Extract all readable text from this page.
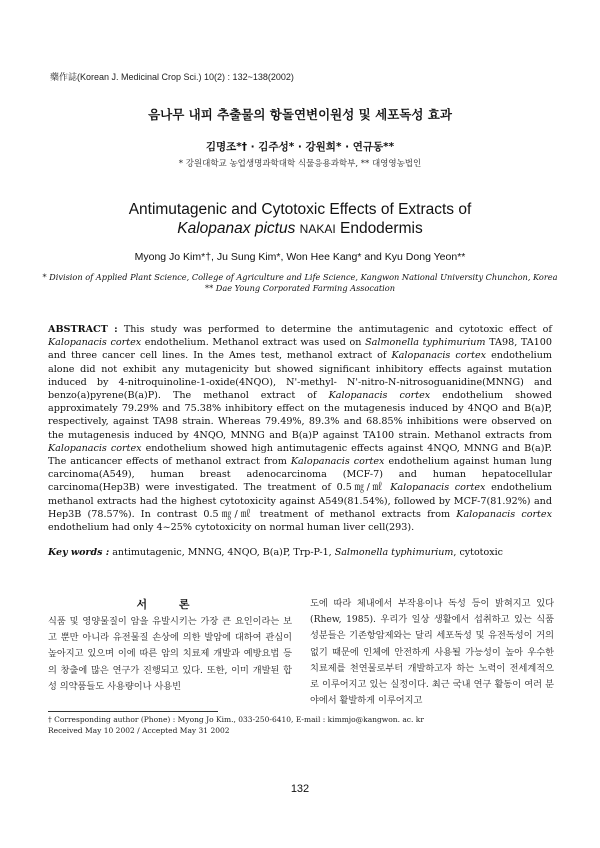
藥作誌(Korean J. Medicinal Crop Sci.) 10(2) : 132~138(2002)
음나무 내피 추출물의 항돌연변이원성 및 세포독성 효과
김명조*† · 김주성* · 강원희* · 연규동**
* 강원대학교 농업생명과학대학 식물응용과학부, ** 대영영농법인
Antimutagenic and Cytotoxic Effects of Extracts of
Kalopanax pictus NAKAI Endodermis
Myong Jo Kim*†, Ju Sung Kim*, Won Hee Kang* and Kyu Dong Yeon**
* Division of Applied Plant Science, College of Agriculture and Life Science, Kangwon National University Chunchon, Korea
** Dae Young Corporated Farming Assocation
ABSTRACT : This study was performed to determine the antimutagenic and cytotoxic effect of Kalopanacis cortex endothelium. Methanol extract was used on Salmonella typhimurium TA98, TA100 and three cancer cell lines. In the Ames test, methanol extract of Kalopanacis cortex endothelium alone did not exhibit any mutagenicity but showed significant inhibitory effects against mutation induced by 4-nitroquinoline-1-oxide(4NQO), N'-methyl- N'-nitro-N-nitrosoguanidine(MNNG) and benzo(a)pyrene(B(a)P). The methanol extract of Kalopanacis cortex endothelium showed approximately 79.29% and 75.38% inhibitory effect on the mutagenesis induced by 4NQO and B(a)P, respectively, against TA98 strain. Whereas 79.49%, 89.3% and 68.85% inhibitions were observed on the mutagenesis induced by 4NQO, MNNG and B(a)P against TA100 strain. Methanol extracts from Kalopanacis cortex endothelium showed high antimutagenic effects against 4NQO, MNNG and B(a)P. The anticancer effects of methanol extract from Kalopanacis cortex endothelium against human lung carcinoma(A549), human breast adenocarcinoma (MCF-7) and human hepatocellular carcinoma(Hep3B) were investigated. The treatment of 0.5㎎/㎖ Kalopanacis cortex endothelium methanol extracts had the highest cytotoxicity against A549(81.54%), followed by MCF-7(81.92%) and Hep3B (78.57%). In contrast 0.5㎎/㎖ treatment of methanol extracts from Kalopanacis cortex endothelium had only 4~25% cytotoxicity on normal human liver cell(293).
Key words : antimutagenic, MNNG, 4NQO, B(a)P, Trp-P-1, Salmonella typhimurium, cytotoxic
서 론
식품 및 영양물질이 암을 유발시키는 가장 큰 요인이라는 보고 뿐만 아니라 유전물질 손상에 의한 발암에 대하여 관심이 높아지고 있으며 이에 따른 암의 치료제 개발과 예방요법 등의 창출에 많은 연구가 진행되고 있다. 또한, 이미 개발된 합성 의약품들도 사용량이나 사용빈
도에 따라 체내에서 부작용이나 독성 등이 밝혀지고 있다(Rhew, 1985). 우리가 일상 생활에서 섭취하고 있는 식품 성분들은 기존항암제와는 달리 세포독성 및 유전독성이 거의 없기 때문에 인체에 안전하게 사용될 가능성이 높아 우수한 치료제를 천연물로부터 개발하고자 하는 노력이 전세계적으로 이루어지고 있는 실정이다. 최근 국내 연구 활동이 여러 분야에서 활발하게 이루어지고
† Corresponding author (Phone) : Myong Jo Kim., 033-250-6410, E-mail : kimmjo@kangwon. ac. kr
Received May 10 2002 / Accepted May 31 2002
132
